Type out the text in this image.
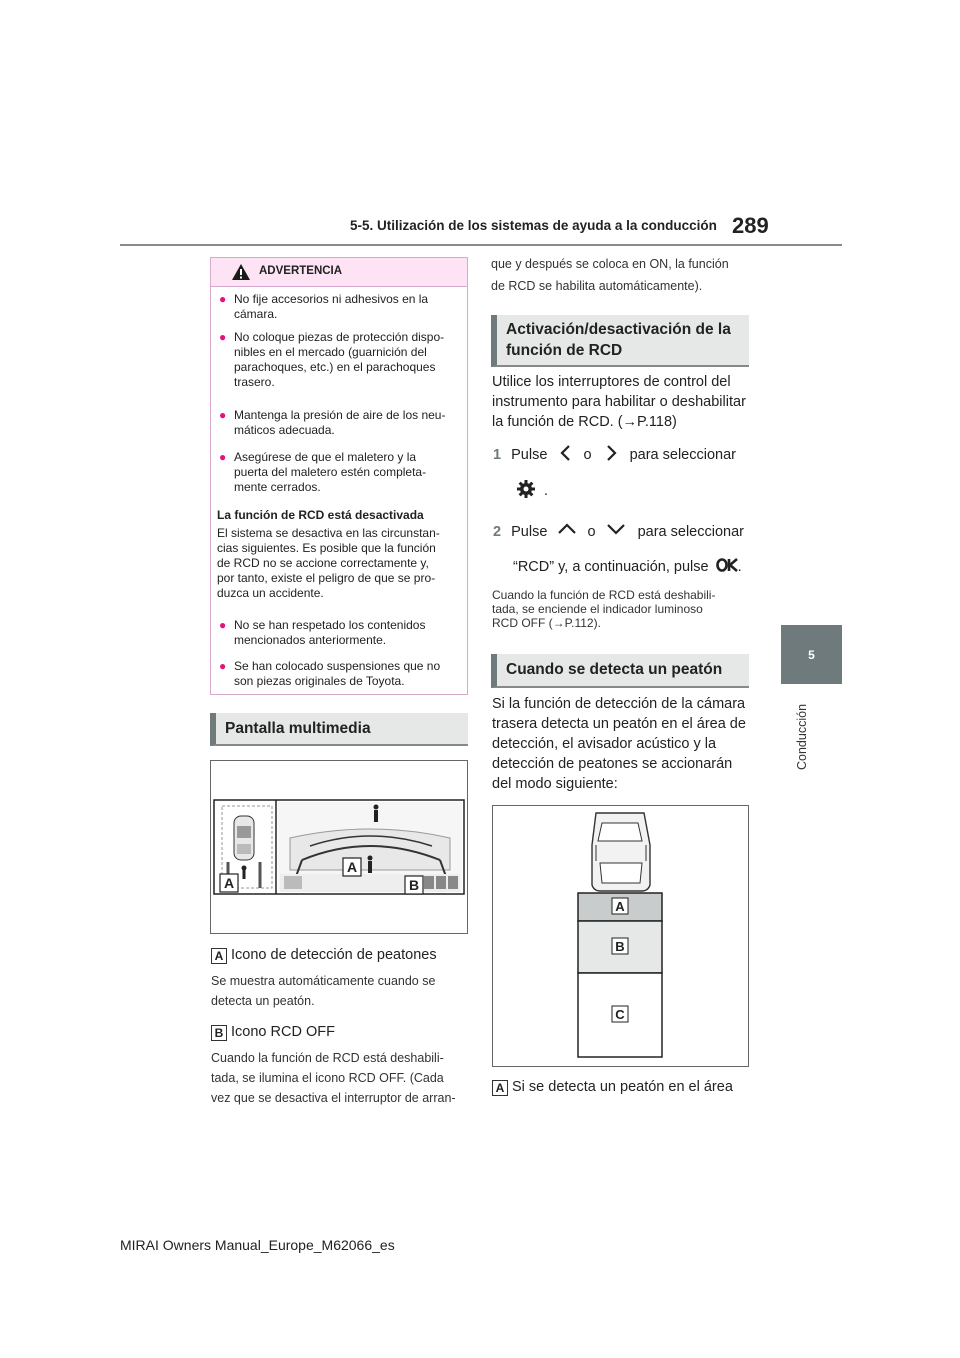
5-5. Utilización de los sistemas de ayuda a la conducción 289
5
Conducción
ADVERTENCIA
● No fije accesorios ni adhesivos en la
cámara.
● No coloque piezas de protección dispo-
nibles en el mercado (guarnición del
parachoques, etc.) en el parachoques
trasero.
● Mantenga la presión de aire de los neu-
máticos adecuada.
● Asegúrese de que el maletero y la
puerta del maletero estén completa-
mente cerrados.
La función de RCD está desactivada
El sistema se desactiva en las circunstan-
cias siguientes. Es posible que la función
de RCD no se accione correctamente y,
por tanto, existe el peligro de que se pro-
duzca un accidente.
● No se han respetado los contenidos
mencionados anteriormente.
● Se han colocado suspensiones que no
son piezas originales de Toyota.
Pantalla multimedia
A
A
B
A Icono de detección de peatones
Se muestra automáticamente cuando se
detecta un peatón.
B Icono RCD OFF
Cuando la función de RCD está deshabili-
tada, se ilumina el icono RCD OFF. (Cada
vez que se desactiva el interruptor de arran-
que y después se coloca en ON, la función
de RCD se habilita automáticamente).
Activación/desactivación de la
función de RCD
Utilice los interruptores de control del
instrumento para habilitar o deshabilitar
la función de RCD. (→P.118)
1 Pulse o	para seleccionar
.
2 Pulse	o	para seleccionar
“RCD” y, a continuación, pulse .
Cuando la función de RCD está deshabili-
tada, se enciende el indicador luminoso
RCD OFF (→P.112).
Cuando se detecta un peatón
Si la función de detección de la cámara
trasera detecta un peatón en el área de
detección, el avisador acústico y la
detección de peatones se accionarán
del modo siguiente:
A
B
C
A Si se detecta un peatón en el área
MIRAI Owners Manual_Europe_M62066_es
